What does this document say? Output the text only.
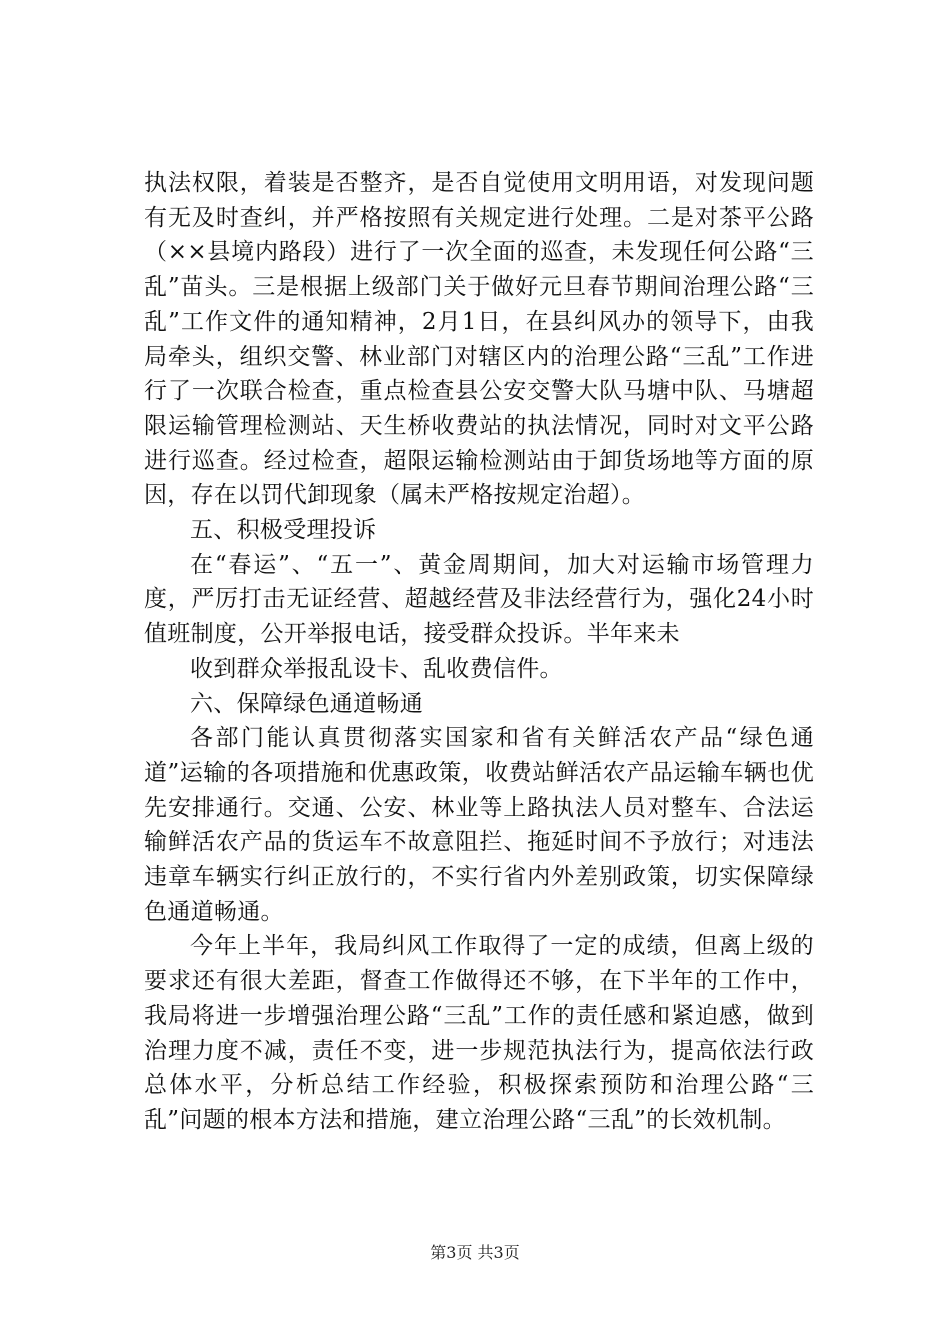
执法权限，着装是否整齐，是否自觉使用文明用语，对发现问题有无及时查纠，并严格按照有关规定进行处理。二是对茶平公路（××县境内路段）进行了一次全面的巡查，未发现任何公路“三乱”苗头。三是根据上级部门关于做好元旦春节期间治理公路“三乱”工作文件的通知精神，2月1日，在县纠风办的领导下，由我局牵头，组织交警、林业部门对辖区内的治理公路“三乱”工作进行了一次联合检查，重点检查县公安交警大队马塘中队、马塘超限运输管理检测站、天生桥收费站的执法情况，同时对文平公路进行巡查。经过检查，超限运输检测站由于卸货场地等方面的原因，存在以罚代卸现象（属未严格按规定治超）。

五、积极受理投诉

在“春运”、“五一”、黄金周期间，加大对运输市场管理力度，严厉打击无证经营、超越经营及非法经营行为，强化24小时值班制度，公开举报电话，接受群众投诉。半年来未

收到群众举报乱设卡、乱收费信件。

六、保障绿色通道畅通

各部门能认真贯彻落实国家和省有关鲜活农产品“绿色通道”运输的各项措施和优惠政策，收费站鲜活农产品运输车辆也优先安排通行。交通、公安、林业等上路执法人员对整车、合法运输鲜活农产品的货运车不故意阻拦、拖延时间不予放行；对违法违章车辆实行纠正放行的，不实行省内外差别政策，切实保障绿色通道畅通。

今年上半年，我局纠风工作取得了一定的成绩，但离上级的要求还有很大差距，督查工作做得还不够，在下半年的工作中，我局将进一步增强治理公路“三乱”工作的责任感和紧迫感，做到治理力度不减，责任不变，进一步规范执法行为，提高依法行政总体水平，分析总结工作经验，积极探索预防和治理公路“三乱”问题的根本方法和措施，建立治理公路“三乱”的长效机制。

第3页 共3页
